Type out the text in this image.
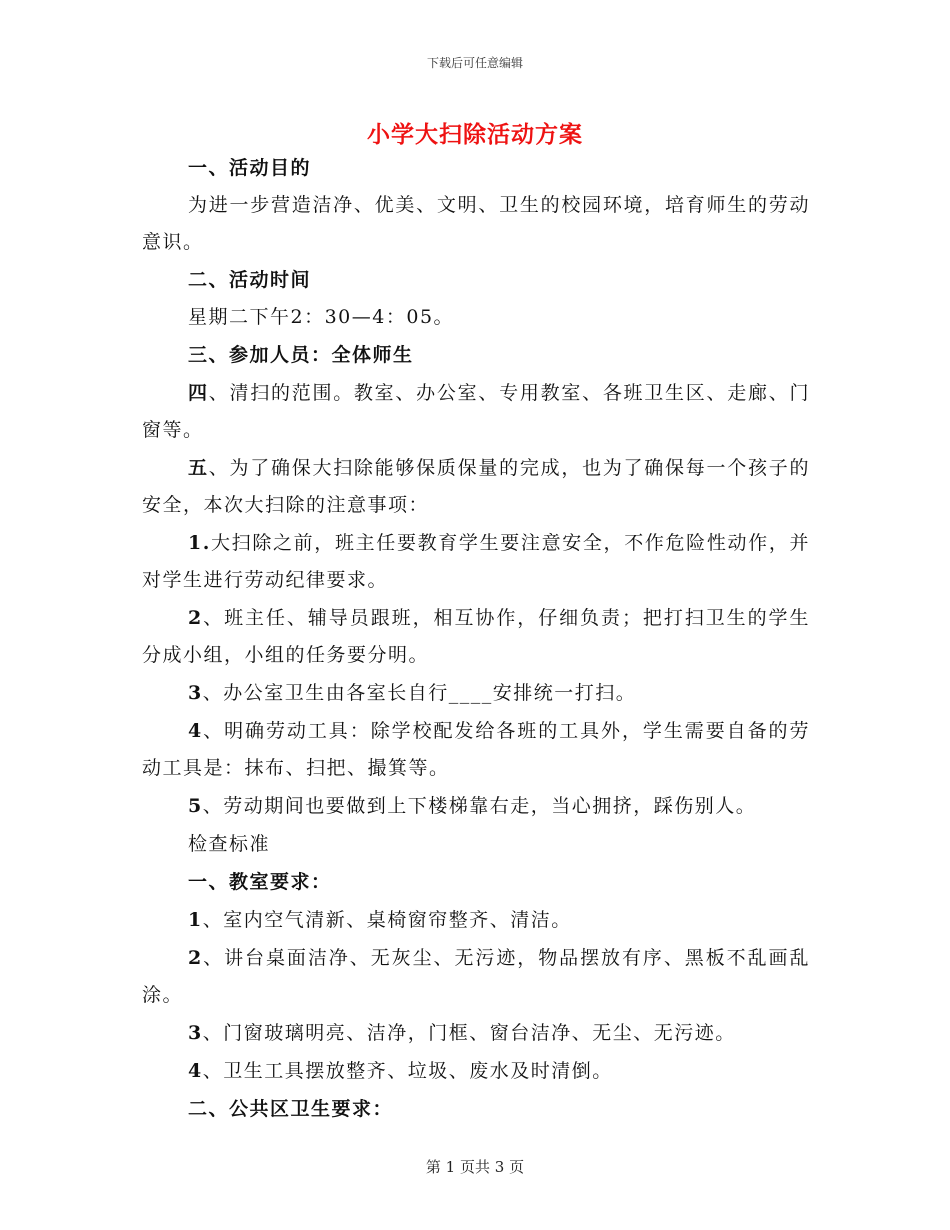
下载后可任意编辑
小学大扫除活动方案

一、活动目的

为进一步营造洁净、优美、文明、卫生的校园环境，培育师生的劳动意识。

二、活动时间

星期二下午2：30—4：05。

三、参加人员：全体师生

四、清扫的范围。教室、办公室、专用教室、各班卫生区、走廊、门窗等。

五、为了确保大扫除能够保质保量的完成，也为了确保每一个孩子的安全，本次大扫除的注意事项：

1.大扫除之前，班主任要教育学生要注意安全，不作危险性动作，并对学生进行劳动纪律要求。

2、班主任、辅导员跟班，相互协作，仔细负责；把打扫卫生的学生分成小组，小组的任务要分明。

3、办公室卫生由各室长自行____安排统一打扫。

4、明确劳动工具：除学校配发给各班的工具外，学生需要自备的劳动工具是：抹布、扫把、撮箕等。

5、劳动期间也要做到上下楼梯靠右走，当心拥挤，踩伤别人。

检查标准

一、教室要求：

1、室内空气清新、桌椅窗帘整齐、清洁。

2、讲台桌面洁净、无灰尘、无污迹，物品摆放有序、黑板不乱画乱涂。

3、门窗玻璃明亮、洁净，门框、窗台洁净、无尘、无污迹。

4、卫生工具摆放整齐、垃圾、废水及时清倒。

二、公共区卫生要求：

第 1 页共 3 页
